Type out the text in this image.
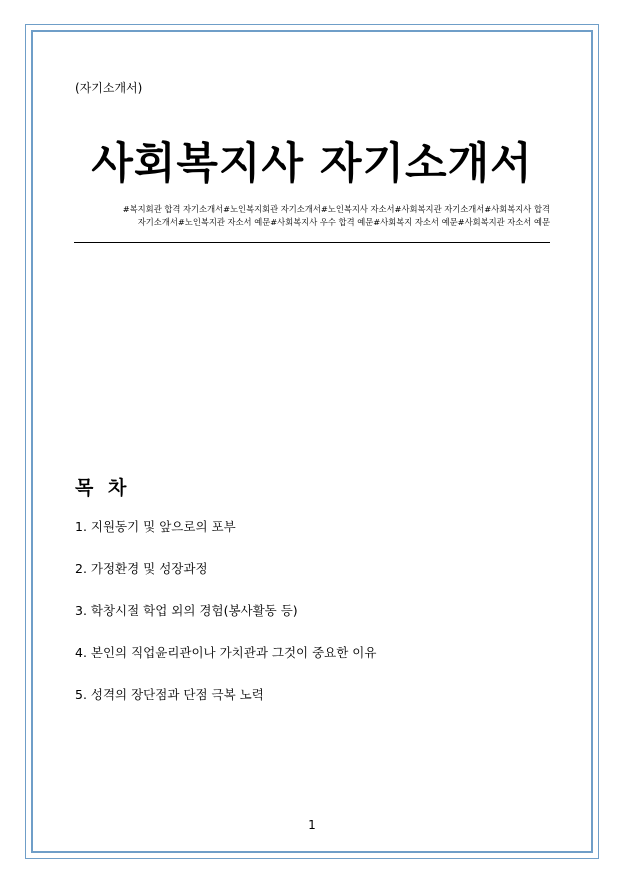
(자기소개서)
사회복지사 자기소개서
#복지회관 합격 자기소개서#노인복지회관 자기소개서#노인복지사 자소서#사회복지관 자기소개서#사회복지사 합격
자기소개서#노인복지관 자소서 예문#사회복지사 우수 합격 예문#사회복지 자소서 예문#사회복지관 자소서 예문
목 차
1. 지원동기 및 앞으로의 포부
2. 가정환경 및 성장과정
3. 학창시절 학업 외의 경험(봉사활동 등)
4. 본인의 직업윤리관이나 가치관과 그것이 중요한 이유
5. 성격의 장단점과 단점 극복 노력
1
